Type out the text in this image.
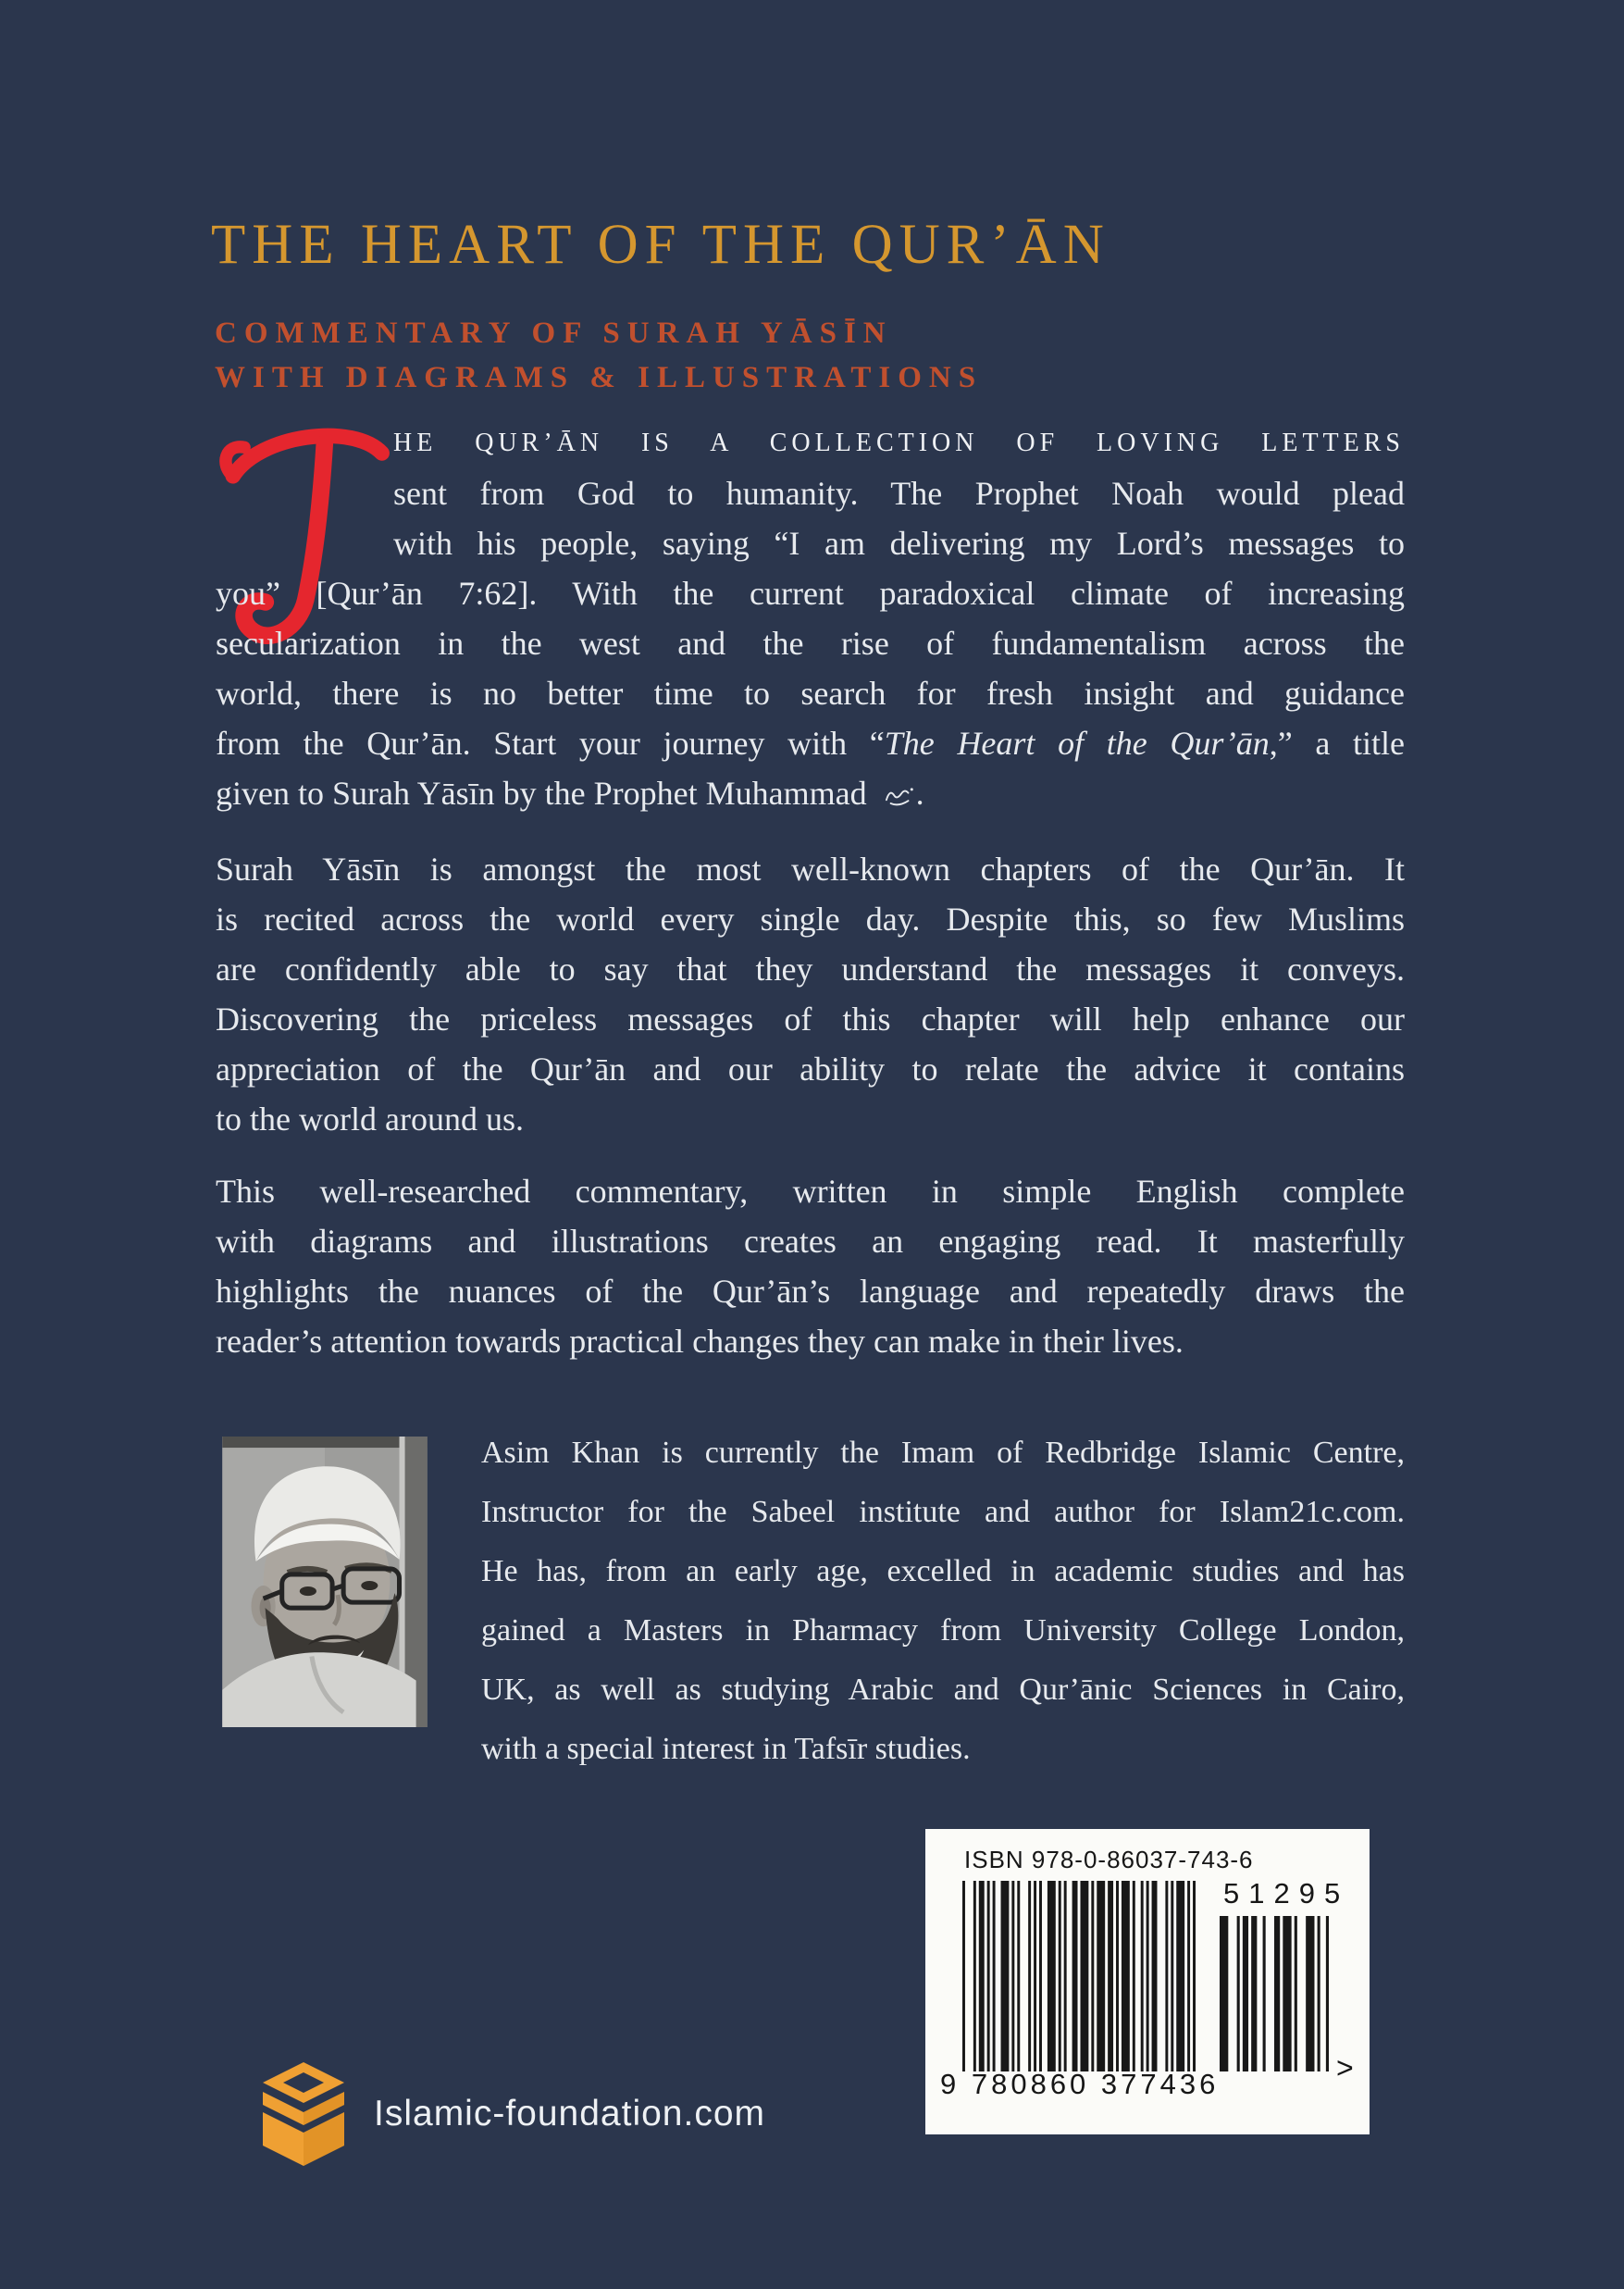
THE HEART OF THE QUR’ĀN
COMMENTARY OF SURAH YĀSĪN
WITH DIAGRAMS & ILLUSTRATIONS
HE QUR’ĀN IS A COLLECTION OF LOVING LETTERS
sent from God to humanity. The Prophet Noah would plead
with his people, saying “I am delivering my Lord’s messages to
you” [Qur’ān 7:62]. With the current paradoxical climate of increasing
secularization in the west and the rise of fundamentalism across the
world, there is no better time to search for fresh insight and guidance
from the Qur’ān. Start your journey with “The Heart of the Qur’ān,” a title
given to Surah Yāsīn by the Prophet Muhammad .
Surah Yāsīn is amongst the most well-known chapters of the Qur’ān. It
is recited across the world every single day. Despite this, so few Muslims
are confidently able to say that they understand the messages it conveys.
Discovering the priceless messages of this chapter will help enhance our
appreciation of the Qur’ān and our ability to relate the advice it contains
to the world around us.
This well-researched commentary, written in simple English complete
with diagrams and illustrations creates an engaging read. It masterfully
highlights the nuances of the Qur’ān’s language and repeatedly draws the
reader’s attention towards practical changes they can make in their lives.
Asim Khan is currently the Imam of Redbridge Islamic Centre,
Instructor for the Sabeel institute and author for Islam21c.com.
He has, from an early age, excelled in academic studies and has
gained a Masters in Pharmacy from University College London,
UK, as well as studying Arabic and Qur’ānic Sciences in Cairo,
with a special interest in Tafsīr studies.
ISBN 978-0-86037-743-6
9 780860 377436
51295
>
Islamic-foundation.com
